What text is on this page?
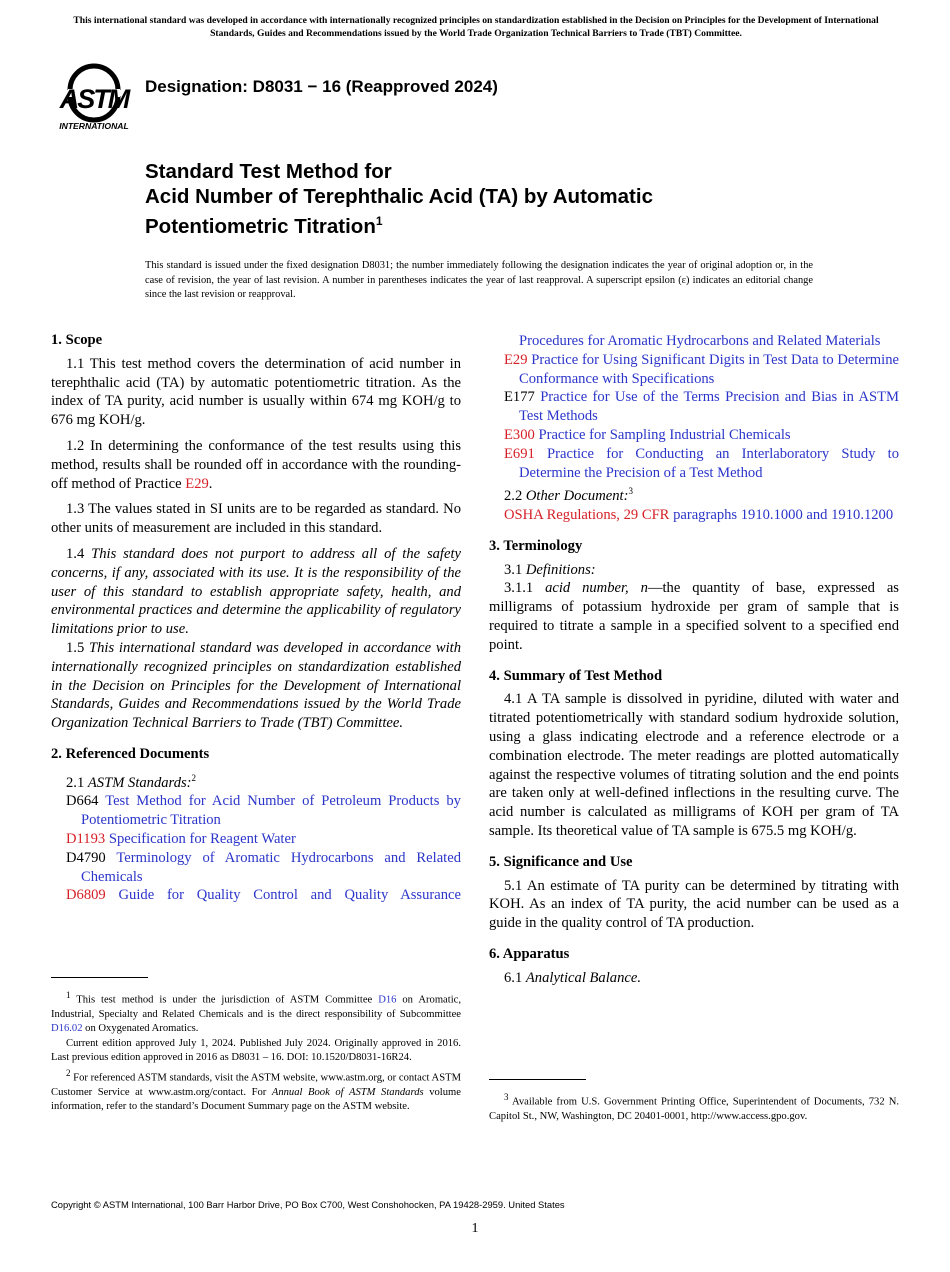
This international standard was developed in accordance with internationally recognized principles on standardization established in the Decision on Principles for the Development of International Standards, Guides and Recommendations issued by the World Trade Organization Technical Barriers to Trade (TBT) Committee.
ASTM
INTERNATIONAL
Designation: D8031 − 16 (Reapproved 2024)
Standard Test Method for
Acid Number of Terephthalic Acid (TA) by Automatic
Potentiometric Titration$^1$
This standard is issued under the fixed designation D8031; the number immediately following the designation indicates the year of original adoption or, in the case of revision, the year of last revision. A number in parentheses indicates the year of last reapproval. A superscript epsilon (ε) indicates an editorial change since the last revision or reapproval.

1. Scope

1.1 This test method covers the determination of acid number in terephthalic acid (TA) by automatic potentiometric titration. As the index of TA purity, acid number is usually within 674 mg KOH/g to 676 mg KOH/g.

1.2 In determining the conformance of the test results using this method, results shall be rounded off in accordance with the rounding-off method of Practice E29.

1.3 The values stated in SI units are to be regarded as standard. No other units of measurement are included in this standard.

1.4 This standard does not purport to address all of the safety concerns, if any, associated with its use. It is the responsibility of the user of this standard to establish appropriate safety, health, and environmental practices and determine the applicability of regulatory limitations prior to use.

1.5 This international standard was developed in accordance with internationally recognized principles on standardization established in the Decision on Principles for the Development of International Standards, Guides and Recommendations issued by the World Trade Organization Technical Barriers to Trade (TBT) Committee.

2. Referenced Documents

2.1 ASTM Standards:$^2$

D664 Test Method for Acid Number of Petroleum Products by Potentiometric Titration

D1193 Specification for Reagent Water

D4790 Terminology of Aromatic Hydrocarbons and Related Chemicals

D6809 Guide for Quality Control and Quality Assurance

Procedures for Aromatic Hydrocarbons and Related Materials

E29 Practice for Using Significant Digits in Test Data to Determine Conformance with Specifications

E177 Practice for Use of the Terms Precision and Bias in ASTM Test Methods

E300 Practice for Sampling Industrial Chemicals

E691 Practice for Conducting an Interlaboratory Study to Determine the Precision of a Test Method

2.2 Other Document:$^3$

OSHA Regulations, 29 CFR paragraphs 1910.1000 and 1910.1200

3. Terminology

3.1 Definitions:

3.1.1 acid number, n—the quantity of base, expressed as milligrams of potassium hydroxide per gram of sample that is required to titrate a sample in a specified solvent to a specified end point.

4. Summary of Test Method

4.1 A TA sample is dissolved in pyridine, diluted with water and titrated potentiometrically with standard sodium hydroxide solution, using a glass indicating electrode and a reference electrode or a combination electrode. The meter readings are plotted automatically against the respective volumes of titrating solution and the end points are taken only at well-defined inflections in the resulting curve. The acid number is calculated as milligrams of KOH per gram of TA sample. Its theoretical value of TA sample is 675.5 mg KOH/g.

5. Significance and Use

5.1 An estimate of TA purity can be determined by titrating with KOH. As an index of TA purity, the acid number can be used as a guide in the quality control of TA production.

6. Apparatus

6.1 Analytical Balance.

$^1$ This test method is under the jurisdiction of ASTM Committee D16 on Aromatic, Industrial, Specialty and Related Chemicals and is the direct responsibility of Subcommittee D16.02 on Oxygenated Aromatics.

Current edition approved July 1, 2024. Published July 2024. Originally approved in 2016. Last previous edition approved in 2016 as D8031 – 16. DOI: 10.1520/D8031-16R24.

$^2$ For referenced ASTM standards, visit the ASTM website, www.astm.org, or contact ASTM Customer Service at www.astm.org/contact. For Annual Book of ASTM Standards volume information, refer to the standard’s Document Summary page on the ASTM website.

$^3$ Available from U.S. Government Printing Office, Superintendent of Documents, 732 N. Capitol St., NW, Washington, DC 20401-0001, http://www.access.gpo.gov.

Copyright © ASTM International, 100 Barr Harbor Drive, PO Box C700, West Conshohocken, PA 19428-2959. United States
1
